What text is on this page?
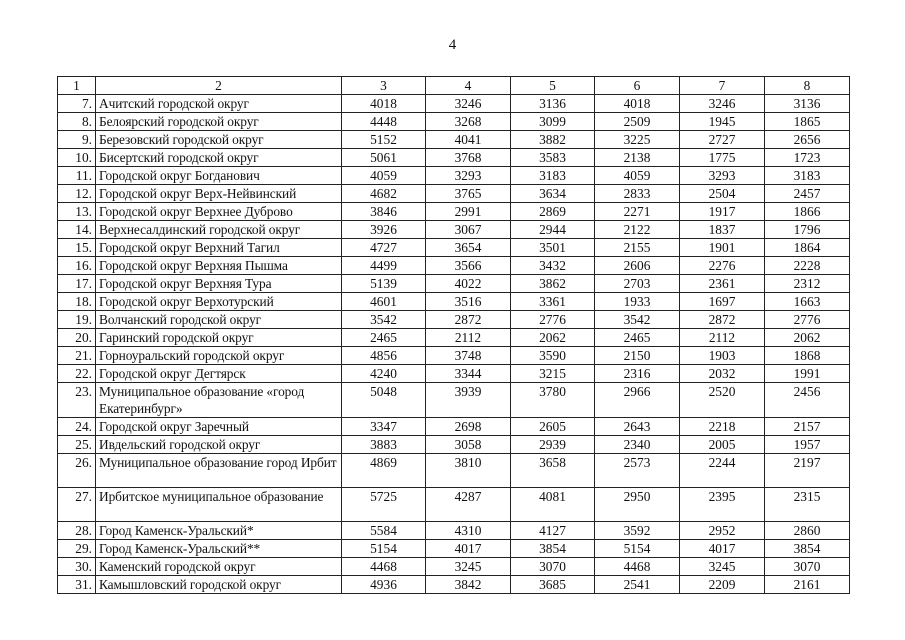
4
1	2	3	4	5	6	7	8
7.	Ачитский городской округ	4018	3246	3136	4018	3246	3136
8.	Белоярский городской округ	4448	3268	3099	2509	1945	1865
9.	Березовский городской округ	5152	4041	3882	3225	2727	2656
10.	Бисертский городской округ	5061	3768	3583	2138	1775	1723
11.	Городской округ Богданович	4059	3293	3183	4059	3293	3183
12.	Городской округ Верх-Нейвинский	4682	3765	3634	2833	2504	2457
13.	Городской округ Верхнее Дуброво	3846	2991	2869	2271	1917	1866
14.	Верхнесалдинский городской округ	3926	3067	2944	2122	1837	1796
15.	Городской округ Верхний Тагил	4727	3654	3501	2155	1901	1864
16.	Городской округ Верхняя Пышма	4499	3566	3432	2606	2276	2228
17.	Городской округ Верхняя Тура	5139	4022	3862	2703	2361	2312
18.	Городской округ Верхотурский	4601	3516	3361	1933	1697	1663
19.	Волчанский городской округ	3542	2872	2776	3542	2872	2776
20.	Гаринский городской округ	2465	2112	2062	2465	2112	2062
21.	Горноуральский городской округ	4856	3748	3590	2150	1903	1868
22.	Городской округ Дегтярск	4240	3344	3215	2316	2032	1991
23.	Муниципальное образование «город Екатеринбург»	5048	3939	3780	2966	2520	2456
24.	Городской округ Заречный	3347	2698	2605	2643	2218	2157
25.	Ивдельский городской округ	3883	3058	2939	2340	2005	1957
26.	Муниципальное образование город Ирбит	4869	3810	3658	2573	2244	2197
27.	Ирбитское муниципальное образование	5725	4287	4081	2950	2395	2315
28.	Город Каменск-Уральский*	5584	4310	4127	3592	2952	2860
29.	Город Каменск-Уральский**	5154	4017	3854	5154	4017	3854
30.	Каменский городской округ	4468	3245	3070	4468	3245	3070
31.	Камышловский городской округ	4936	3842	3685	2541	2209	2161
